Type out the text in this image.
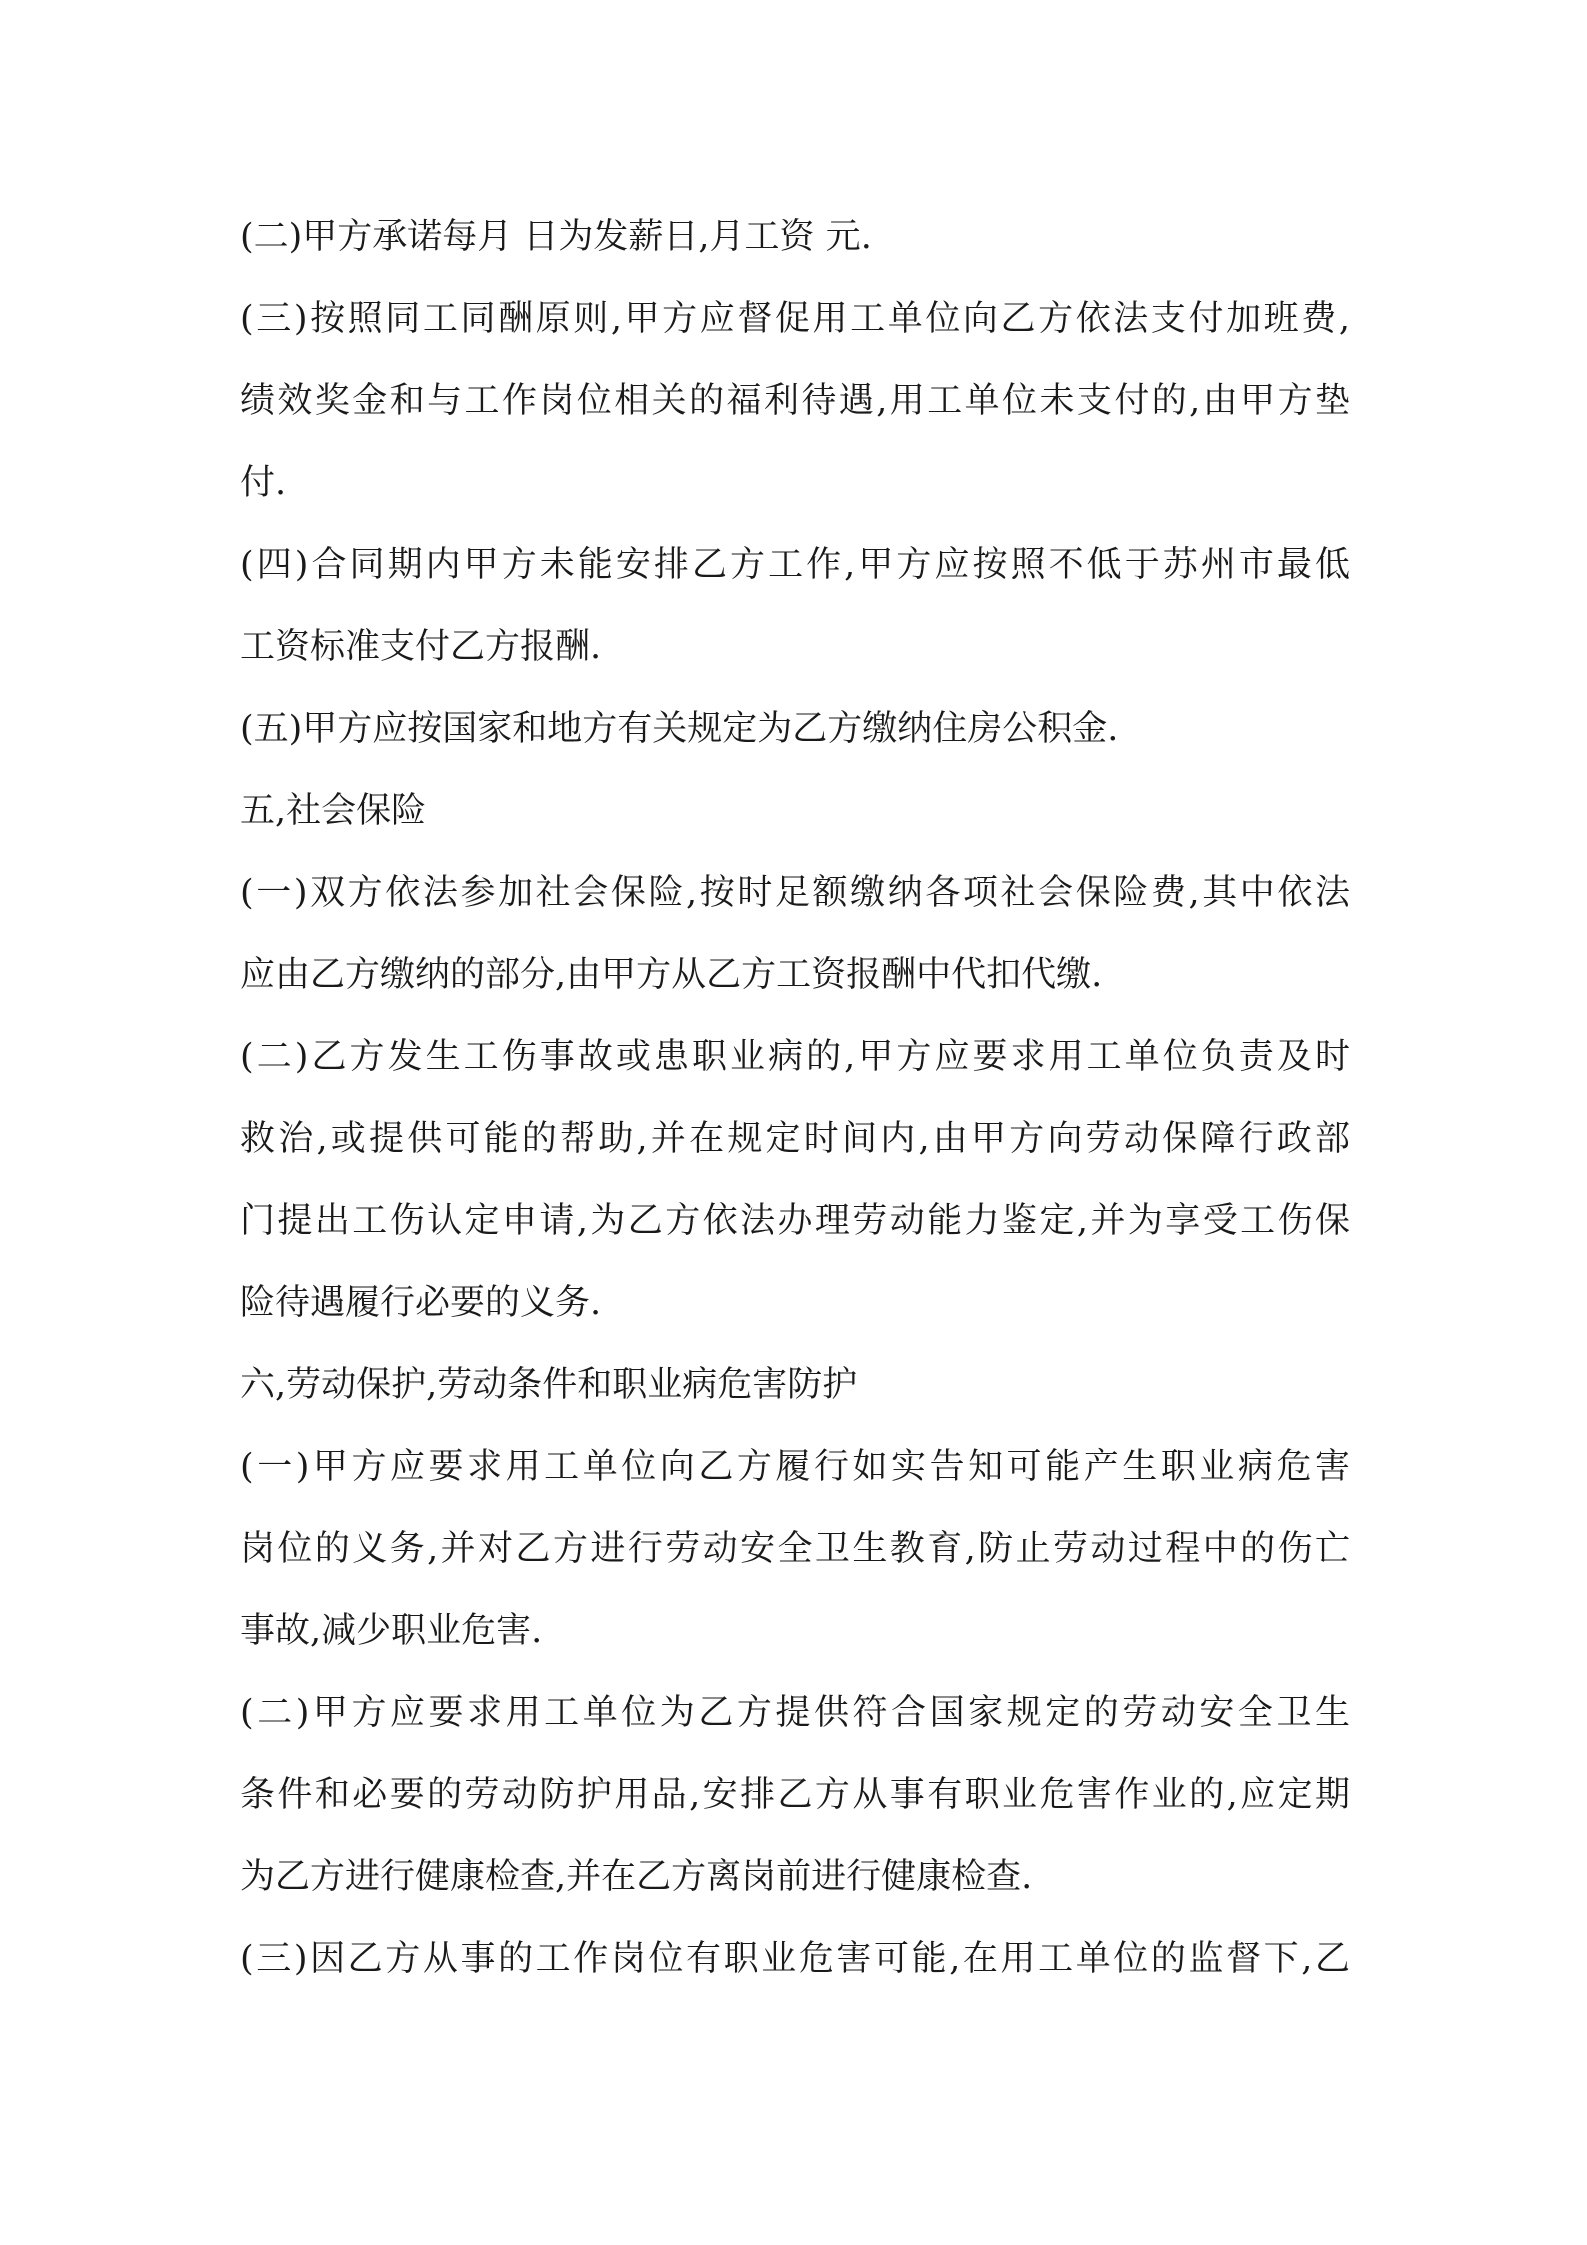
(二)甲方承诺每月 日为发薪日,月工资 元.
(三)按照同工同酬原则,甲方应督促用工单位向乙方依法支付加班费,
绩效奖金和与工作岗位相关的福利待遇,用工单位未支付的,由甲方垫
付.
(四)合同期内甲方未能安排乙方工作,甲方应按照不低于苏州市最低
工资标准支付乙方报酬.
(五)甲方应按国家和地方有关规定为乙方缴纳住房公积金.
五,社会保险
(一)双方依法参加社会保险,按时足额缴纳各项社会保险费,其中依法
应由乙方缴纳的部分,由甲方从乙方工资报酬中代扣代缴.
(二)乙方发生工伤事故或患职业病的,甲方应要求用工单位负责及时
救治,或提供可能的帮助,并在规定时间内,由甲方向劳动保障行政部
门提出工伤认定申请,为乙方依法办理劳动能力鉴定,并为享受工伤保
险待遇履行必要的义务.
六,劳动保护,劳动条件和职业病危害防护
(一)甲方应要求用工单位向乙方履行如实告知可能产生职业病危害
岗位的义务,并对乙方进行劳动安全卫生教育,防止劳动过程中的伤亡
事故,减少职业危害.
(二)甲方应要求用工单位为乙方提供符合国家规定的劳动安全卫生
条件和必要的劳动防护用品,安排乙方从事有职业危害作业的,应定期
为乙方进行健康检查,并在乙方离岗前进行健康检查.
(三)因乙方从事的工作岗位有职业危害可能,在用工单位的监督下,乙
